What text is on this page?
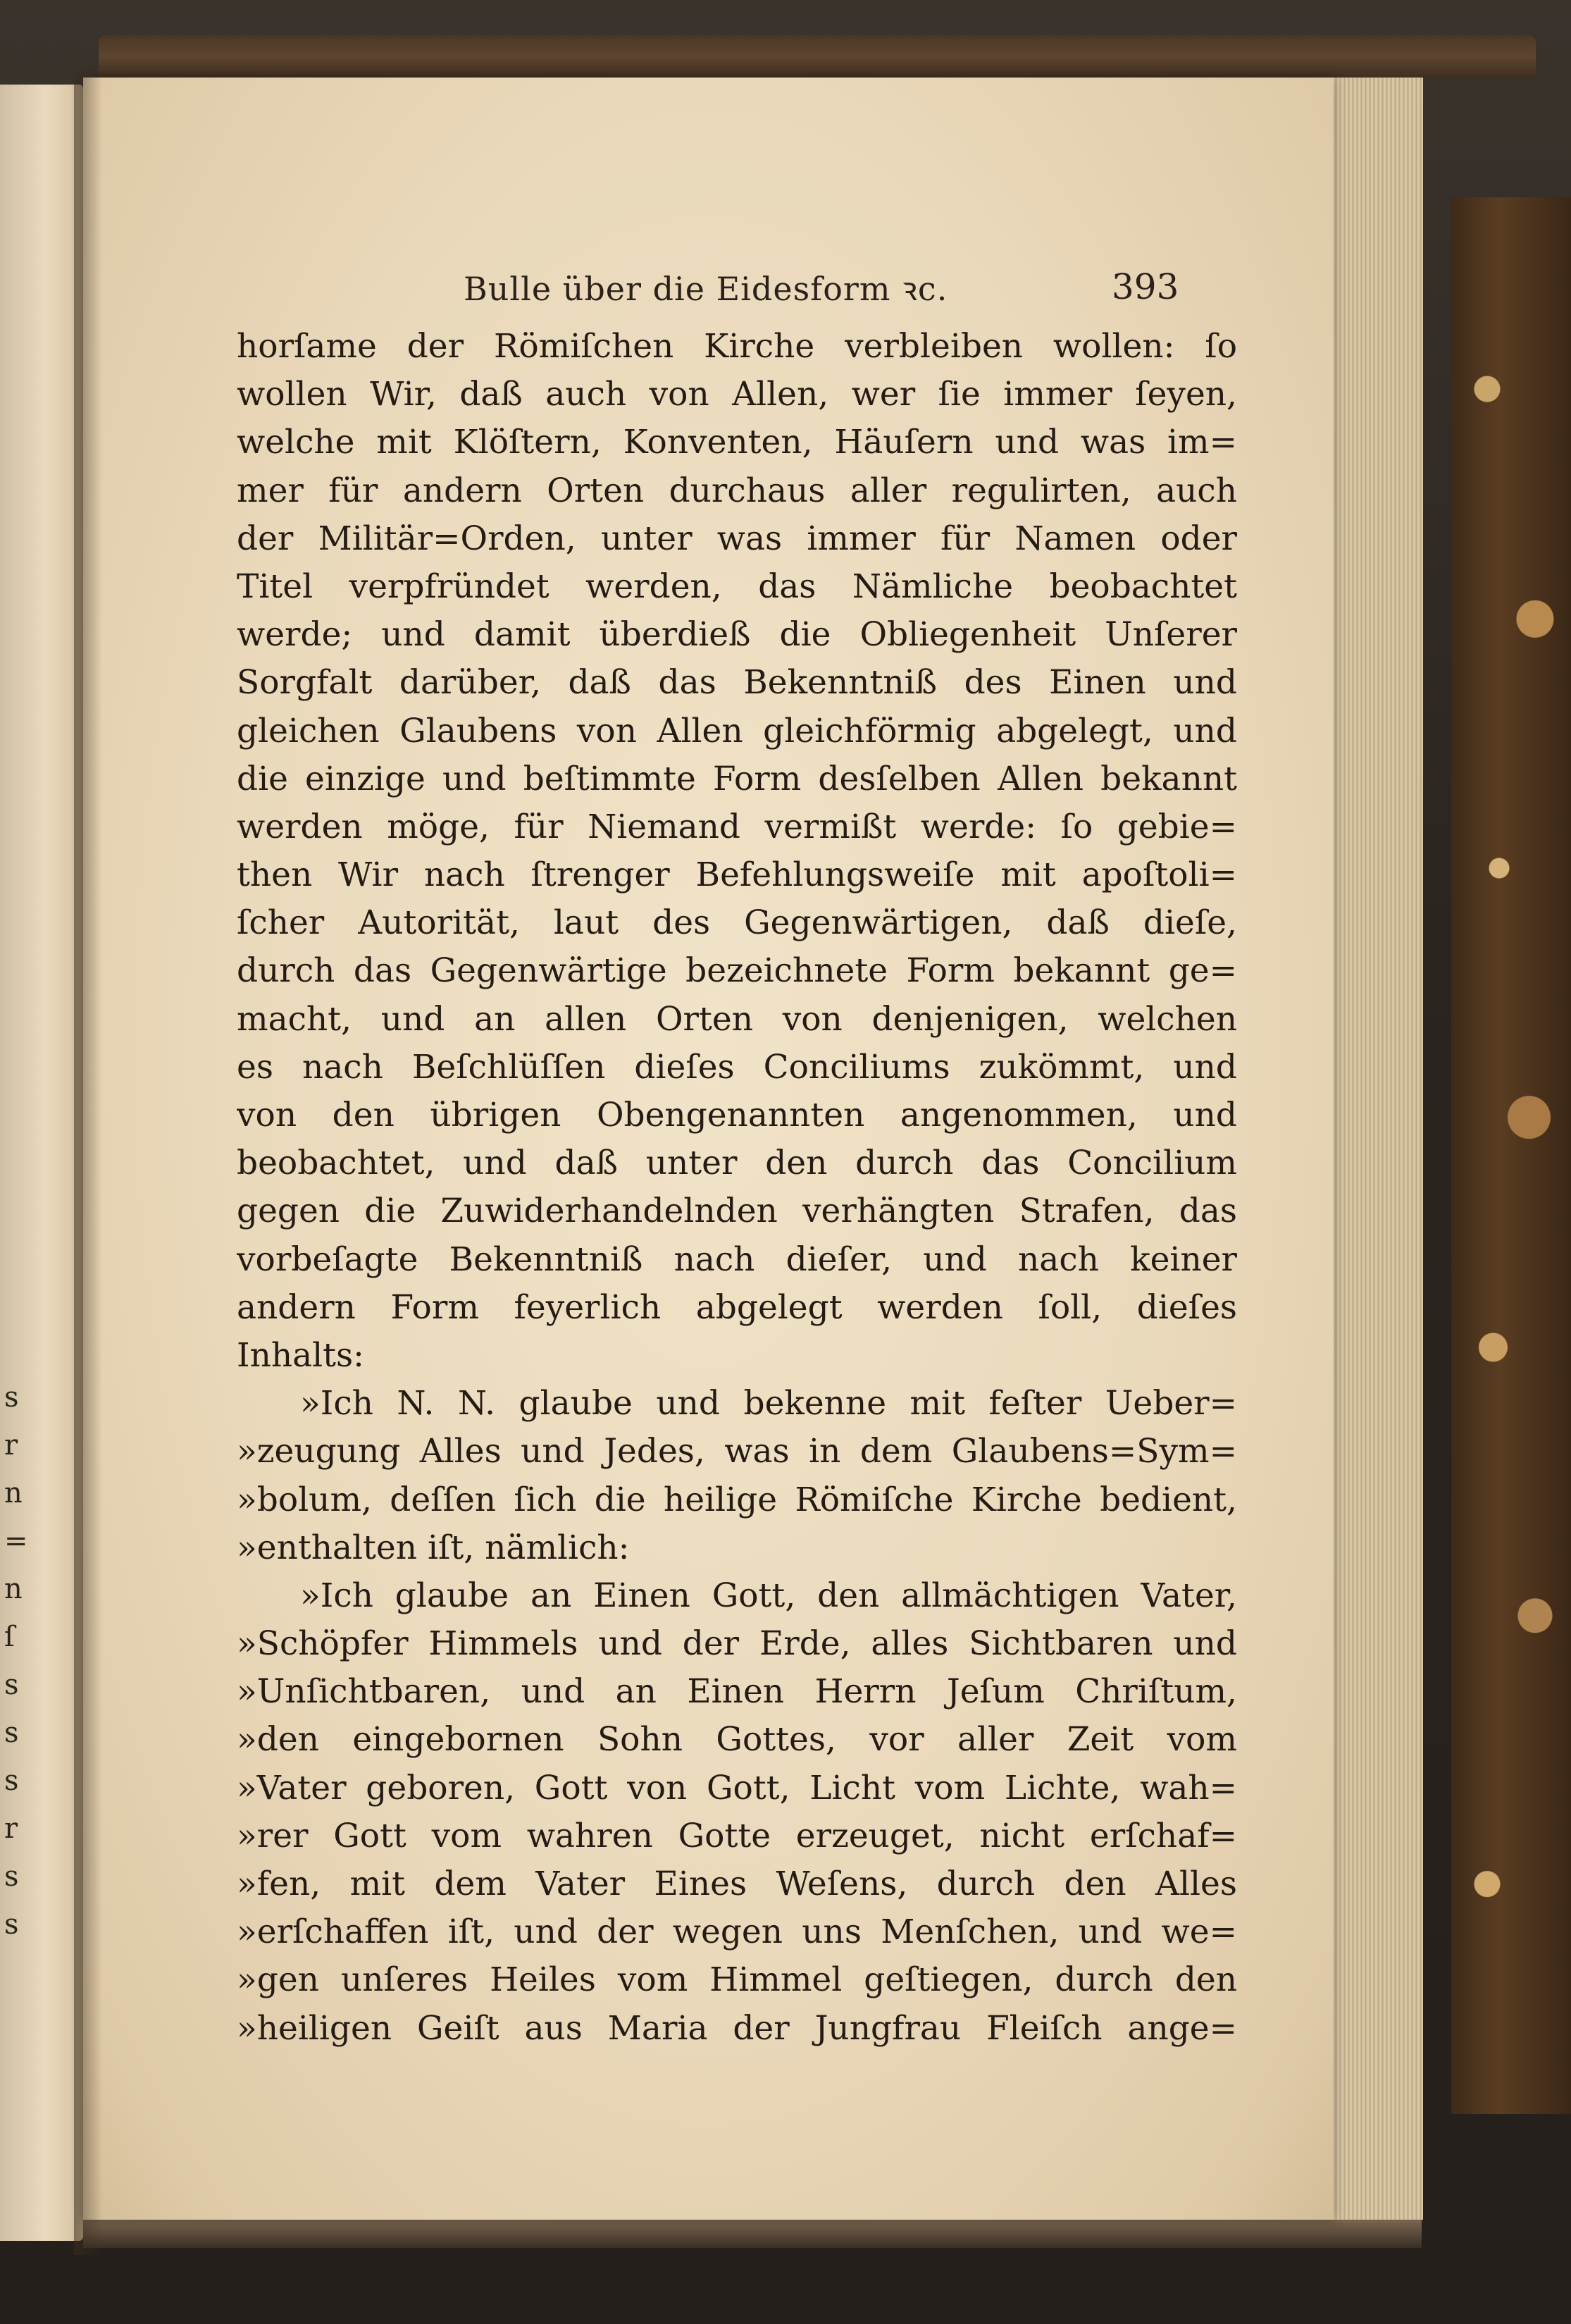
s
r
n
=
n
ſ
s
s
s
r
s
s
Bulle über die Eidesform ꝛc.	393
horſame der Römiſchen Kirche verbleiben wollen: ſo
wollen Wir, daß auch von Allen, wer ſie immer ſeyen,
welche mit Klöſtern, Konventen, Häuſern und was im=
mer für andern Orten durchaus aller regulirten, auch
der Militär=Orden, unter was immer für Namen oder
Titel verpfründet werden, das Nämliche beobachtet
werde; und damit überdieß die Obliegenheit Unſerer
Sorgfalt darüber, daß das Bekenntniß des Einen und
gleichen Glaubens von Allen gleichförmig abgelegt, und
die einzige und beſtimmte Form desſelben Allen bekannt
werden möge, für Niemand vermißt werde: ſo gebie=
then Wir nach ſtrenger Befehlungsweiſe mit apoſtoli=
ſcher Autorität, laut des Gegenwärtigen, daß dieſe,
durch das Gegenwärtige bezeichnete Form bekannt ge=
macht, und an allen Orten von denjenigen, welchen
es nach Beſchlüſſen dieſes Conciliums zukömmt, und
von den übrigen Obengenannten angenommen, und
beobachtet, und daß unter den durch das Concilium
gegen die Zuwiderhandelnden verhängten Strafen, das
vorbeſagte Bekenntniß nach dieſer, und nach keiner
andern Form feyerlich abgelegt werden ſoll, dieſes
Inhalts:
»Ich N. N. glaube und bekenne mit feſter Ueber=
»zeugung Alles und Jedes, was in dem Glaubens=Sym=
»bolum, deſſen ſich die heilige Römiſche Kirche bedient,
»enthalten iſt, nämlich:
»Ich glaube an Einen Gott, den allmächtigen Vater,
»Schöpfer Himmels und der Erde, alles Sichtbaren und
»Unſichtbaren, und an Einen Herrn Jeſum Chriſtum,
»den eingebornen Sohn Gottes, vor aller Zeit vom
»Vater geboren, Gott von Gott, Licht vom Lichte, wah=
»rer Gott vom wahren Gotte erzeuget, nicht erſchaf=
»fen, mit dem Vater Eines Weſens, durch den Alles
»erſchaffen iſt, und der wegen uns Menſchen, und we=
»gen unſeres Heiles vom Himmel geſtiegen, durch den
»heiligen Geiſt aus Maria der Jungfrau Fleiſch ange=
